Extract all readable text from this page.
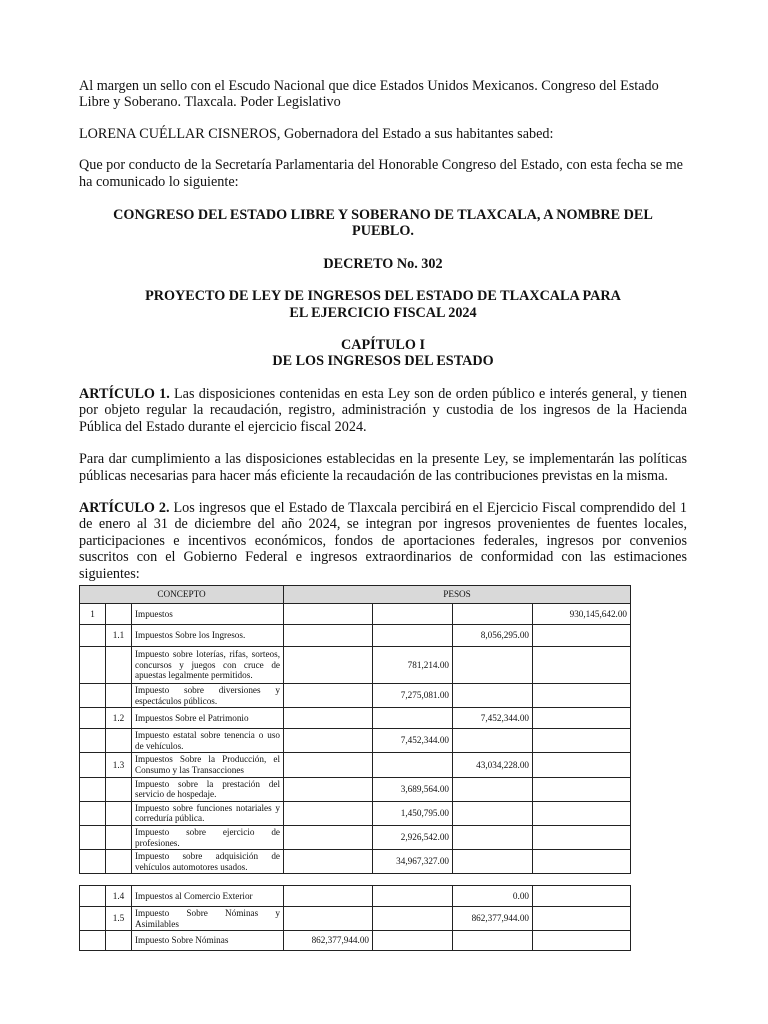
Al margen un sello con el Escudo Nacional que dice Estados Unidos Mexicanos. Congreso del Estado Libre y Soberano. Tlaxcala. Poder Legislativo

LORENA CUÉLLAR CISNEROS, Gobernadora del Estado a sus habitantes sabed:

Que por conducto de la Secretaría Parlamentaria del Honorable Congreso del Estado, con esta fecha se me ha comunicado lo siguiente:

CONGRESO DEL ESTADO LIBRE Y SOBERANO DE TLAXCALA, A NOMBRE DEL

PUEBLO.

DECRETO No. 302

PROYECTO DE LEY DE INGRESOS DEL ESTADO DE TLAXCALA PARA

EL EJERCICIO FISCAL 2024

CAPÍTULO I

DE LOS INGRESOS DEL ESTADO

ARTÍCULO 1. Las disposiciones contenidas en esta Ley son de orden público e interés general, y tienen por objeto regular la recaudación, registro, administración y custodia de los ingresos de la Hacienda Pública del Estado durante el ejercicio fiscal 2024.

Para dar cumplimiento a las disposiciones establecidas en la presente Ley, se implementarán las políticas públicas necesarias para hacer más eficiente la recaudación de las contribuciones previstas en la misma.

ARTÍCULO 2. Los ingresos que el Estado de Tlaxcala percibirá en el Ejercicio Fiscal comprendido del 1 de enero al 31 de diciembre del año 2024, se integran por ingresos provenientes de fuentes locales, participaciones e incentivos económicos, fondos de aportaciones federales, ingresos por convenios suscritos con el Gobierno Federal e ingresos extraordinarios de conformidad con las estimaciones siguientes:

CONCEPTO			PESOS			
1		Impuestos				930,145,642.00
	1.1	Impuestos Sobre los Ingresos.			8,056,295.00	
		Impuesto sobre loterías, rifas, sorteos, concursos y juegos con cruce de apuestas legalmente permitidos.		781,214.00		
		Impuesto sobre diversiones y espectáculos públicos.		7,275,081.00		
	1.2	Impuestos Sobre el Patrimonio			7,452,344.00	
		Impuesto estatal sobre tenencia o uso de vehículos.		7,452,344.00		
	1.3	Impuestos Sobre la Producción, el Consumo y las Transacciones			43,034,228.00	
		Impuesto sobre la prestación del servicio de hospedaje.		3,689,564.00		
		Impuesto sobre funciones notariales y correduría pública.		1,450,795.00		
		Impuesto sobre ejercicio de profesiones.		2,926,542.00		
		Impuesto sobre adquisición de vehículos automotores usados.		34,967,327.00		
	1.4	Impuestos al Comercio Exterior			0.00	
	1.5	Impuesto Sobre Nóminas y Asimilables			862,377,944.00	
		Impuesto Sobre Nóminas	862,377,944.00			
